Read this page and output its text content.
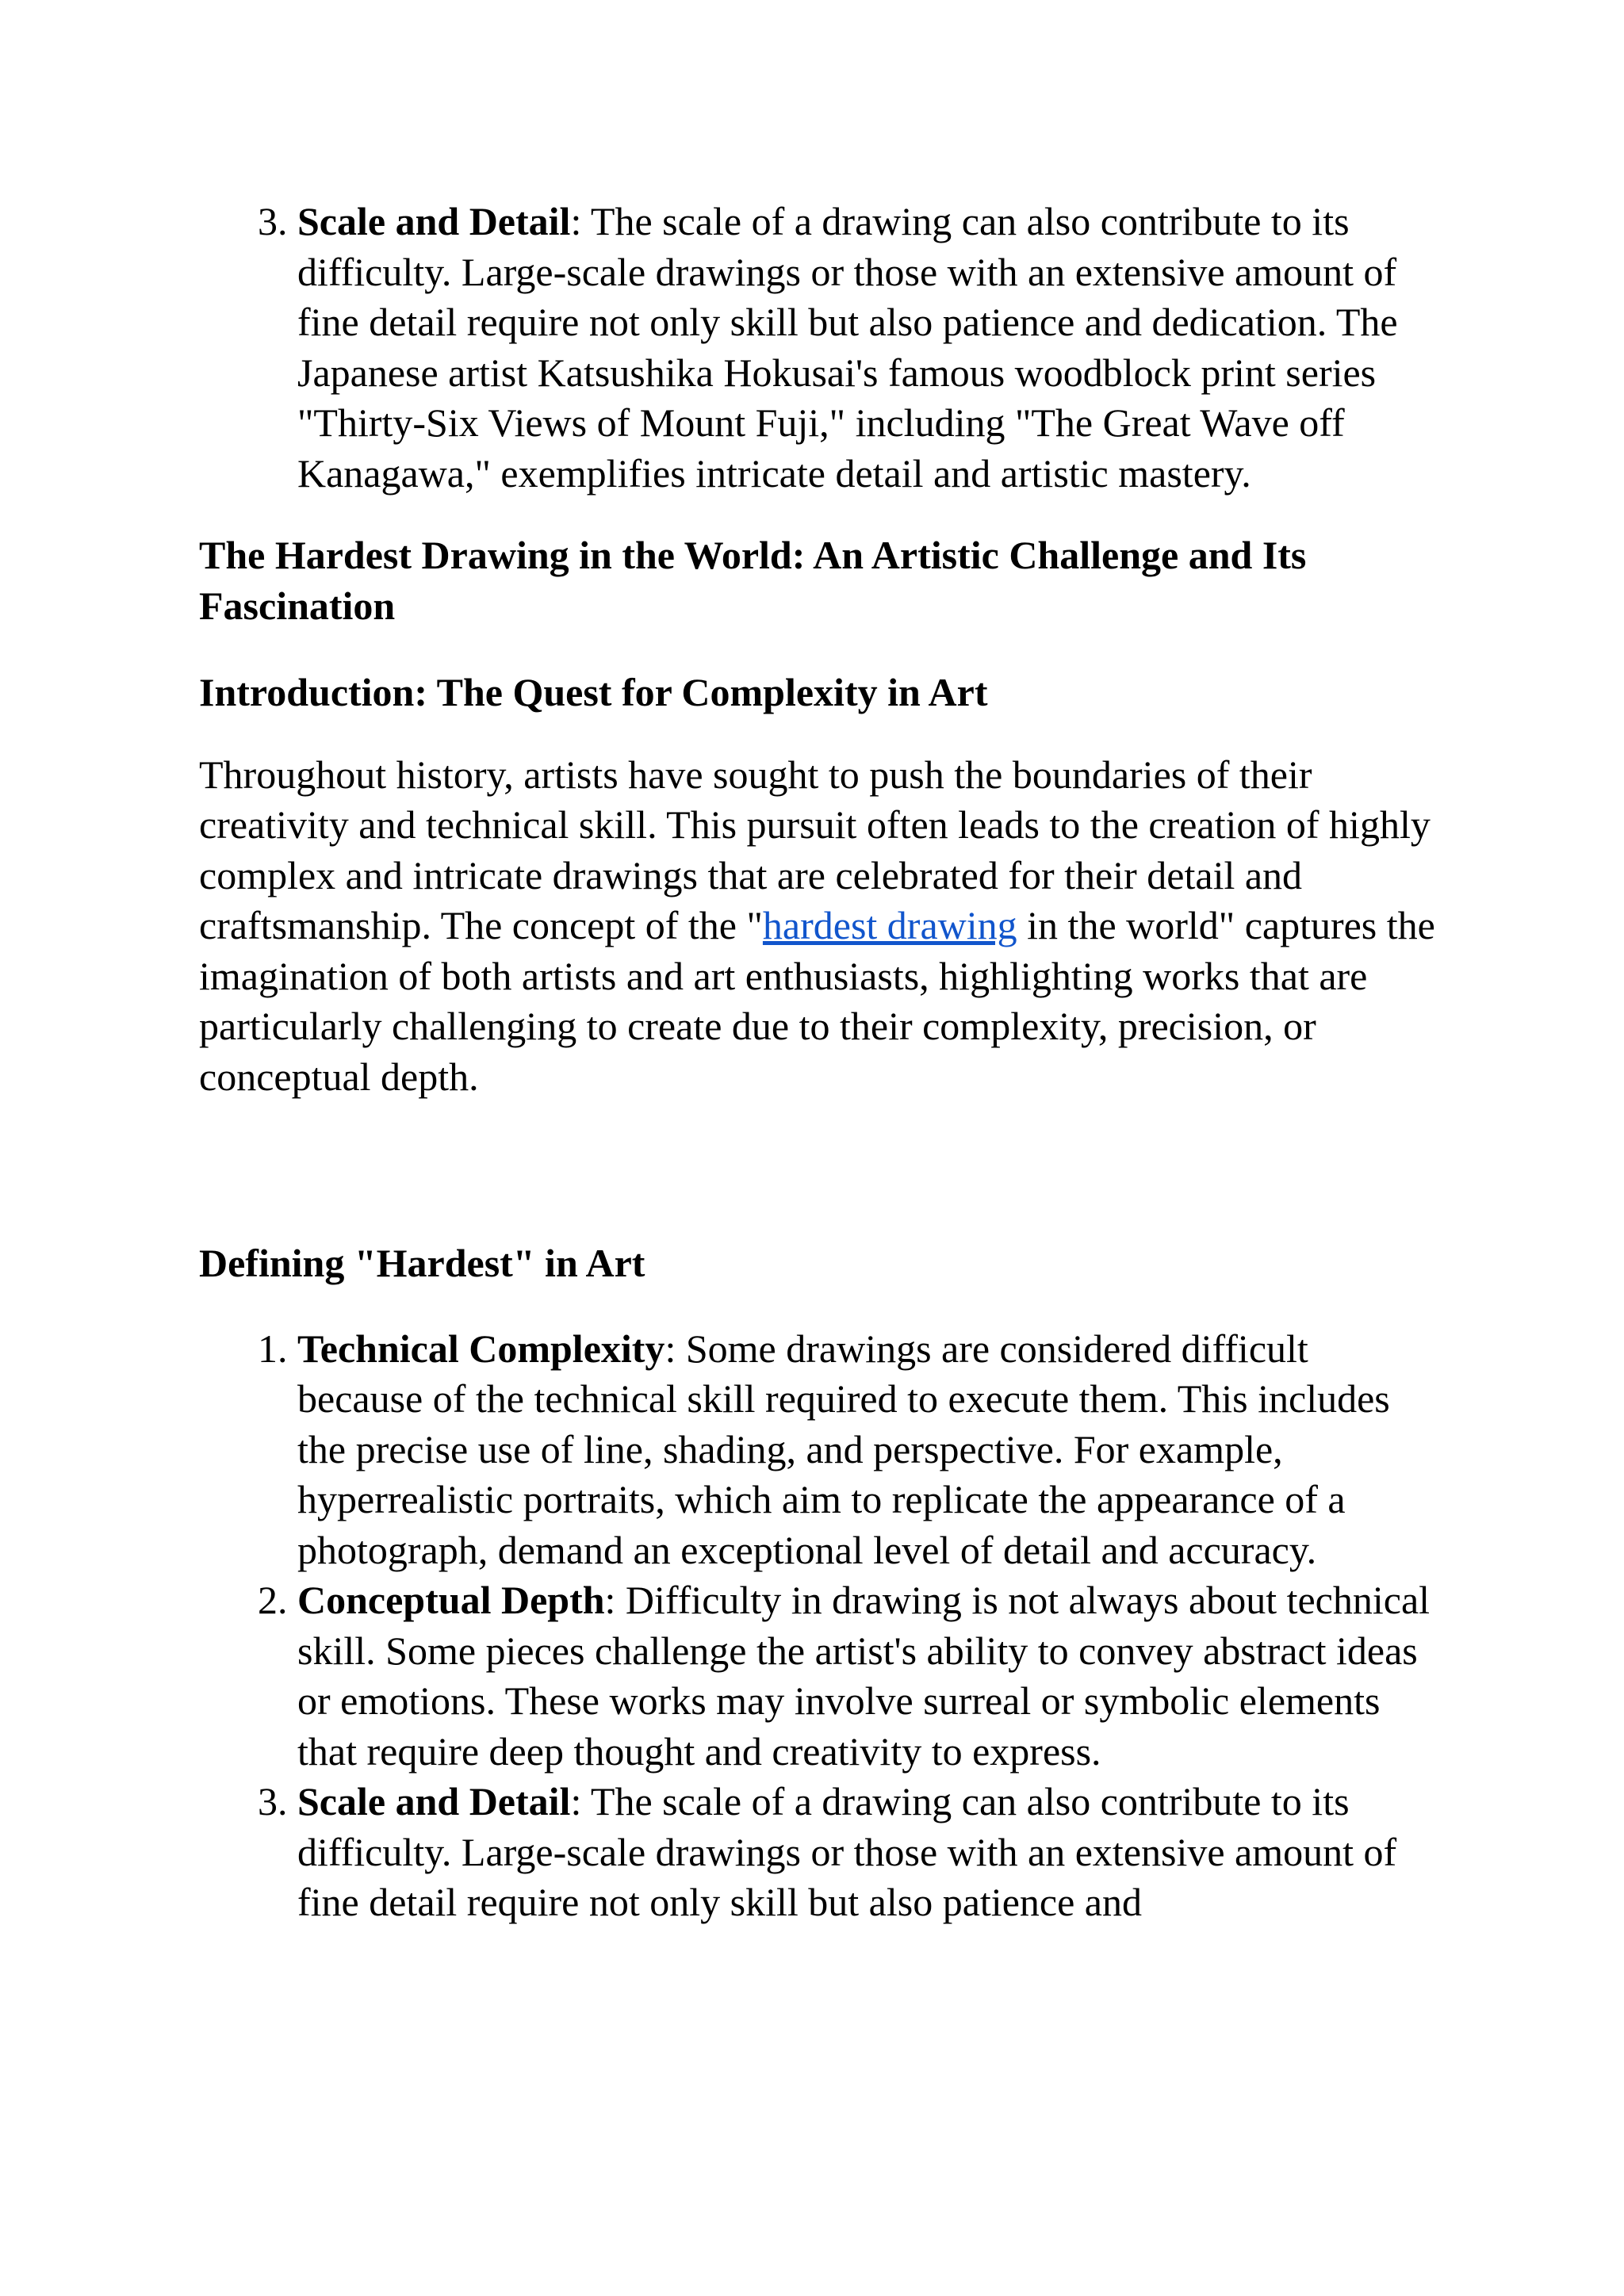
3. Scale and Detail: The scale of a drawing can also contribute to its difficulty. Large-scale drawings or those with an extensive amount of fine detail require not only skill but also patience and dedication. The Japanese artist Katsushika Hokusai's famous woodblock print series "Thirty-Six Views of Mount Fuji," including "The Great Wave off Kanagawa," exemplifies intricate detail and artistic mastery.
The Hardest Drawing in the World: An Artistic Challenge and Its Fascination
Introduction: The Quest for Complexity in Art

Throughout history, artists have sought to push the boundaries of their creativity and technical skill. This pursuit often leads to the creation of highly complex and intricate drawings that are celebrated for their detail and craftsmanship. The concept of the "hardest drawing in the world" captures the imagination of both artists and art enthusiasts, highlighting works that are particularly challenging to create due to their complexity, precision, or conceptual depth.

Defining "Hardest" in Art
1. Technical Complexity: Some drawings are considered difficult because of the technical skill required to execute them. This includes the precise use of line, shading, and perspective. For example, hyperrealistic portraits, which aim to replicate the appearance of a photograph, demand an exceptional level of detail and accuracy.
2. Conceptual Depth: Difficulty in drawing is not always about technical skill. Some pieces challenge the artist's ability to convey abstract ideas or emotions. These works may involve surreal or symbolic elements that require deep thought and creativity to express.
3. Scale and Detail: The scale of a drawing can also contribute to its difficulty. Large-scale drawings or those with an extensive amount of fine detail require not only skill but also patience and
